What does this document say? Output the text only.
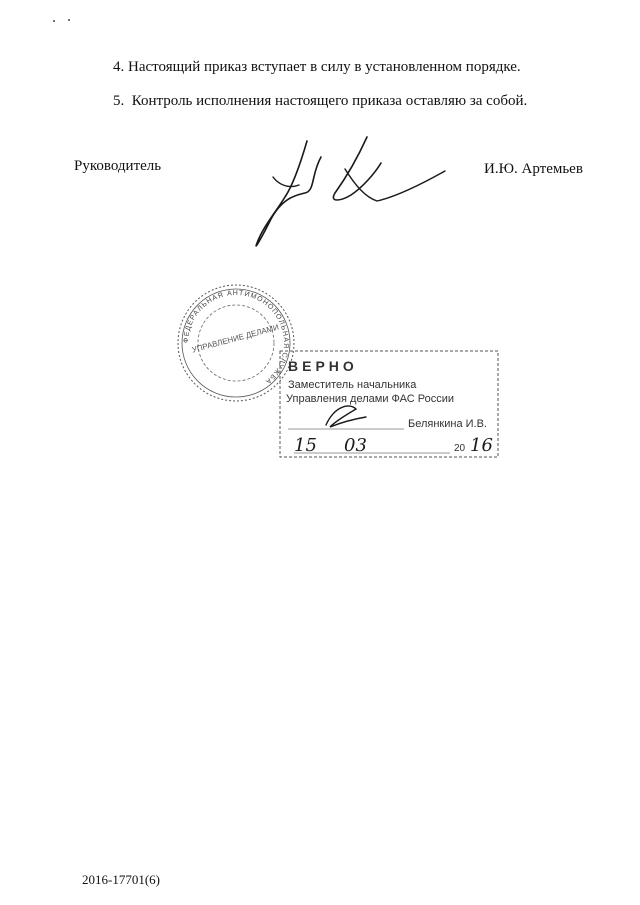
4. Настоящий приказ вступает в силу в установленном порядке.
5.  Контроль исполнения настоящего приказа оставляю за собой.
Руководитель	И.Ю. Артемьев
ФЕДЕРАЛЬНАЯ АНТИМОНОПОЛЬНАЯ СЛУЖБА
УПРАВЛЕНИЕ ДЕЛАМИ
ВЕРНО
Заместитель начальника
Управления делами ФАС России
Белянкина И.В.
15 03	20 16
2016-17701(6)
